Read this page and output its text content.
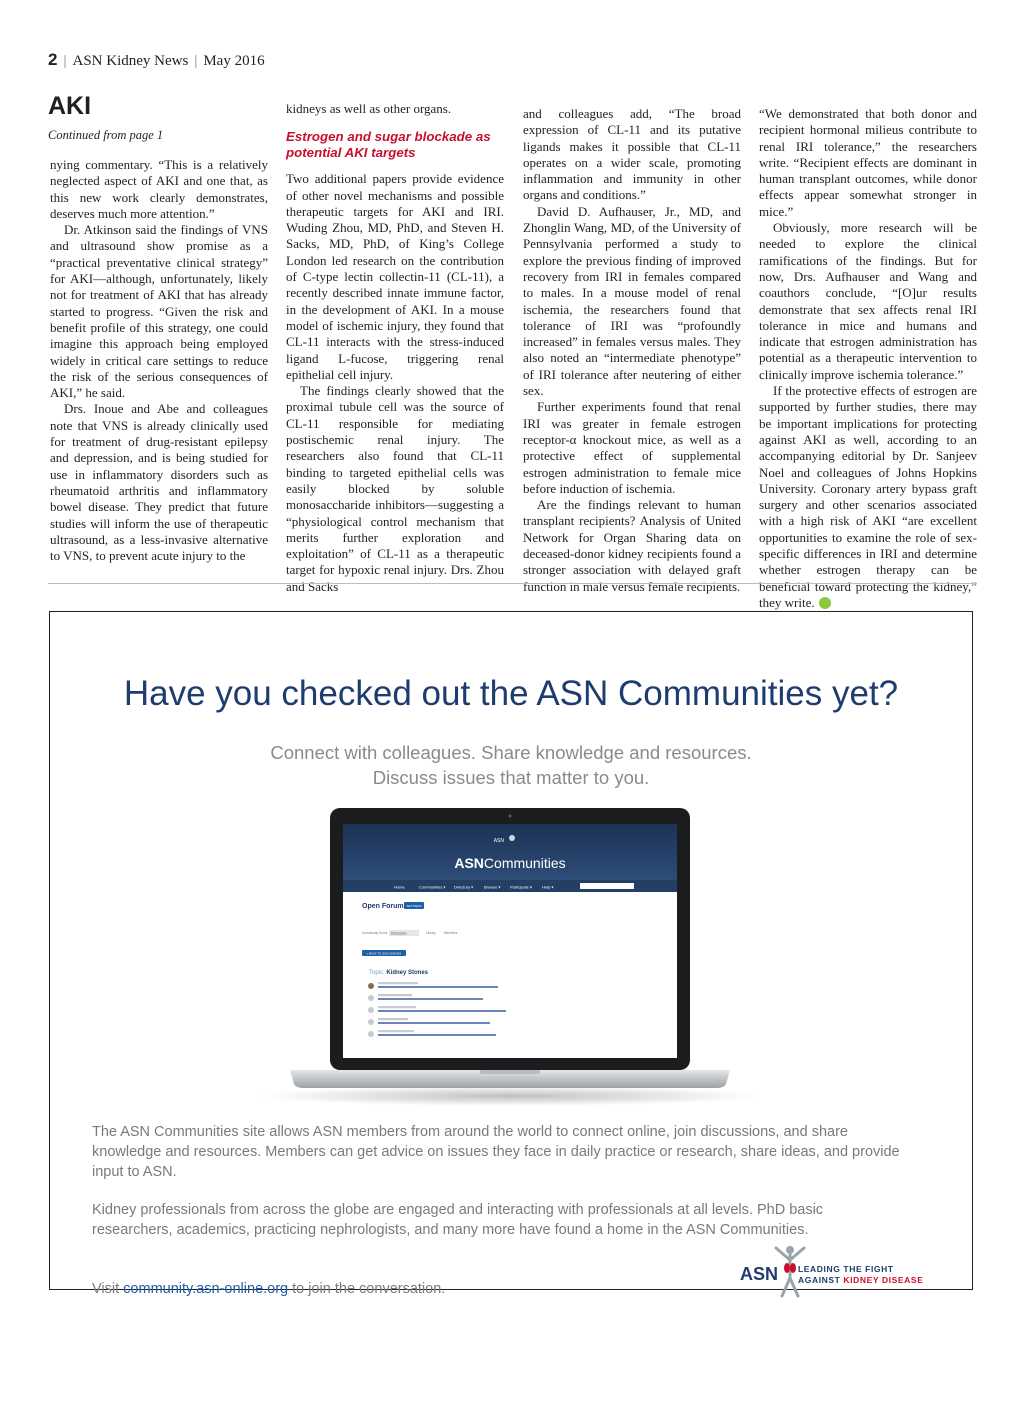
2 | ASN Kidney News | May 2016
AKI
Continued from page 1

nying commentary. “This is a relatively neglected aspect of AKI and one that, as this new work clearly demonstrates, deserves much more attention.”

Dr. Atkinson said the findings of VNS and ultrasound show promise as a “practical preventative clinical strategy” for AKI—although, unfortunately, likely not for treatment of AKI that has already started to progress. “Given the risk and benefit profile of this strategy, one could imagine this approach being employed widely in critical care settings to reduce the risk of the serious consequences of AKI,” he said.

Drs. Inoue and Abe and colleagues note that VNS is already clinically used for treatment of drug-resistant epilepsy and depression, and is being studied for use in inflammatory disorders such as rheumatoid arthritis and inflammatory bowel disease. They predict that future studies will inform the use of therapeutic ultrasound, as a less-invasive alternative to VNS, to prevent acute injury to the

kidneys as well as other organs.

Estrogen and sugar blockade as potential AKI targets

Two additional papers provide evidence of other novel mechanisms and possible therapeutic targets for AKI and IRI. Wuding Zhou, MD, PhD, and Steven H. Sacks, MD, PhD, of King’s College London led research on the contribution of C-type lectin collectin-11 (CL-11), a recently described innate immune factor, in the development of AKI. In a mouse model of ischemic injury, they found that CL-11 interacts with the stress-induced ligand L-fucose, triggering renal epithelial cell injury.

The findings clearly showed that the proximal tubule cell was the source of CL-11 responsible for mediating postischemic renal injury. The researchers also found that CL-11 binding to targeted epithelial cells was easily blocked by soluble monosaccharide inhibitors—suggesting a “physiological control mechanism that merits further exploration and exploitation” of CL-11 as a therapeutic target for hypoxic renal injury. Drs. Zhou and Sacks

and colleagues add, “The broad expression of CL-11 and its putative ligands makes it possible that CL-11 operates on a wider scale, promoting inflammation and immunity in other organs and conditions.”

David D. Aufhauser, Jr., MD, and Zhonglin Wang, MD, of the University of Pennsylvania performed a study to explore the previous finding of improved recovery from IRI in females compared to males. In a mouse model of renal ischemia, the researchers found that tolerance of IRI was “profoundly increased” in females versus males. They also noted an “intermediate phenotype” of IRI tolerance after neutering of either sex.

Further experiments found that renal IRI was greater in female estrogen receptor-α knockout mice, as well as a protective effect of supplemental estrogen administration to female mice before induction of ischemia.

Are the findings relevant to human transplant recipients? Analysis of United Network for Organ Sharing data on deceased-donor kidney recipients found a stronger association with delayed graft function in male versus female recipients.

“We demonstrated that both donor and recipient hormonal milieus contribute to renal IRI tolerance,” the researchers write. “Recipient effects are dominant in human transplant outcomes, while donor effects appear somewhat stronger in mice.”

Obviously, more research will be needed to explore the clinical ramifications of the findings. But for now, Drs. Aufhauser and Wang and coauthors conclude, “[O]ur results demonstrate that sex affects renal IRI tolerance in mice and humans and indicate that estrogen administration has potential as a therapeutic intervention to clinically improve ischemia tolerance.”

If the protective effects of estrogen are supported by further studies, there may be important implications for protecting against AKI as well, according to an accompanying editorial by Dr. Sanjeev Noel and colleagues of Johns Hopkins University. Coronary artery bypass graft surgery and other scenarios associated with a high risk of AKI “are excellent opportunities to examine the role of sex-specific differences in IRI and determine whether estrogen therapy can be beneficial toward protecting the kidney,” they write.

Have you checked out the ASN Communities yet?
Connect with colleagues. Share knowledge and resources.
Discuss issues that matter to you.
ASN
ASNCommunities
Home	Communities ▾ Directory ▾	Browse ▾ Participate ▾ Help ▾
Open Forum SETTINGS
Community Home Discussion	Library	Members
« BACK TO DISCUSSIONS
Topic: Kidney Stones

The ASN Communities site allows ASN members from around the world to connect online, join discussions, and share knowledge and resources. Members can get advice on issues they face in daily practice or research, share ideas, and provide input to ASN.

Kidney professionals from across the globe are engaged and interacting with professionals at all levels. PhD basic researchers, academics, practicing nephrologists, and many more have found a home in the ASN Communities.

Visit community.asn-online.org to join the conversation.
ASN LEADING THE FIGHT
AGAINST KIDNEY DISEASE
